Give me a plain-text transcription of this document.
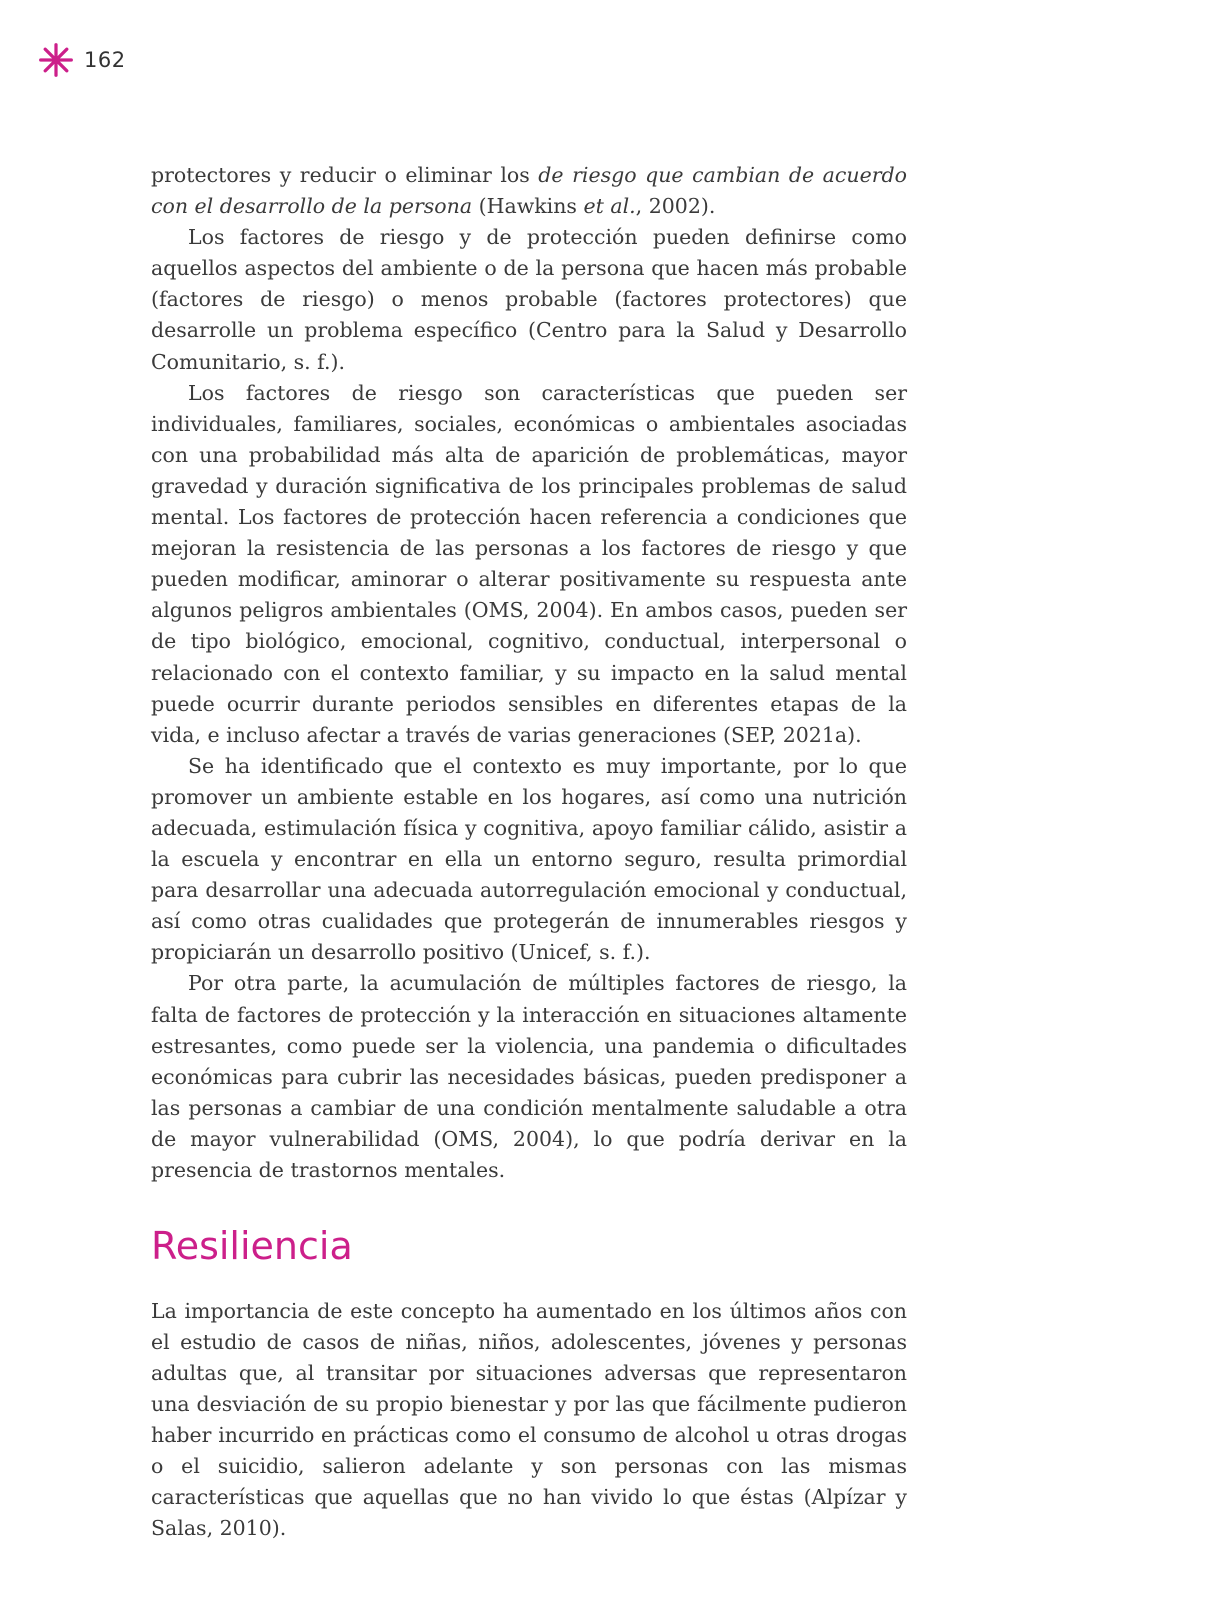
162

protectores y reducir o eliminar los de riesgo que cambian de acuerdo con el desarrollo de la persona (Hawkins et al., 2002).

Los factores de riesgo y de protección pueden definirse como aquellos aspectos del ambiente o de la persona que hacen más probable (factores de riesgo) o menos probable (factores protectores) que desarrolle un problema específico (Centro para la Salud y Desarrollo Comunitario, s. f.).

Los factores de riesgo son características que pueden ser individuales, familiares, sociales, económicas o ambientales asociadas con una probabilidad más alta de aparición de problemáticas, mayor gravedad y duración significativa de los principales problemas de salud mental. Los factores de protección hacen referencia a condiciones que mejoran la resistencia de las personas a los factores de riesgo y que pueden modificar, aminorar o alterar positivamente su respuesta ante algunos peligros ambientales (OMS, 2004). En ambos casos, pueden ser de tipo biológico, emocional, cognitivo, conductual, interpersonal o relacionado con el contexto familiar, y su impacto en la salud mental puede ocurrir durante periodos sensibles en diferentes etapas de la vida, e incluso afectar a través de varias generaciones (SEP, 2021a).

Se ha identificado que el contexto es muy importante, por lo que promover un ambiente estable en los hogares, así como una nutrición adecuada, estimulación física y cognitiva, apoyo familiar cálido, asistir a la escuela y encontrar en ella un entorno seguro, resulta primordial para desarrollar una adecuada autorregulación emocional y conductual, así como otras cualidades que protegerán de innumerables riesgos y propiciarán un desarrollo positivo (Unicef, s. f.).

Por otra parte, la acumulación de múltiples factores de riesgo, la falta de factores de protección y la interacción en situaciones altamente estresantes, como puede ser la violencia, una pandemia o dificultades económicas para cubrir las necesidades básicas, pueden predisponer a las personas a cambiar de una condición mentalmente saludable a otra de mayor vulnerabilidad (OMS, 2004), lo que podría derivar en la presencia de trastornos mentales.

Resiliencia

La importancia de este concepto ha aumentado en los últimos años con el estudio de casos de niñas, niños, adolescentes, jóvenes y personas adultas que, al transitar por situaciones adversas que representaron una desviación de su propio bienestar y por las que fácilmente pudieron haber incurrido en prácticas como el consumo de alcohol u otras drogas o el suicidio, salieron adelante y son personas con las mismas características que aquellas que no han vivido lo que éstas (Alpízar y Salas, 2010).
